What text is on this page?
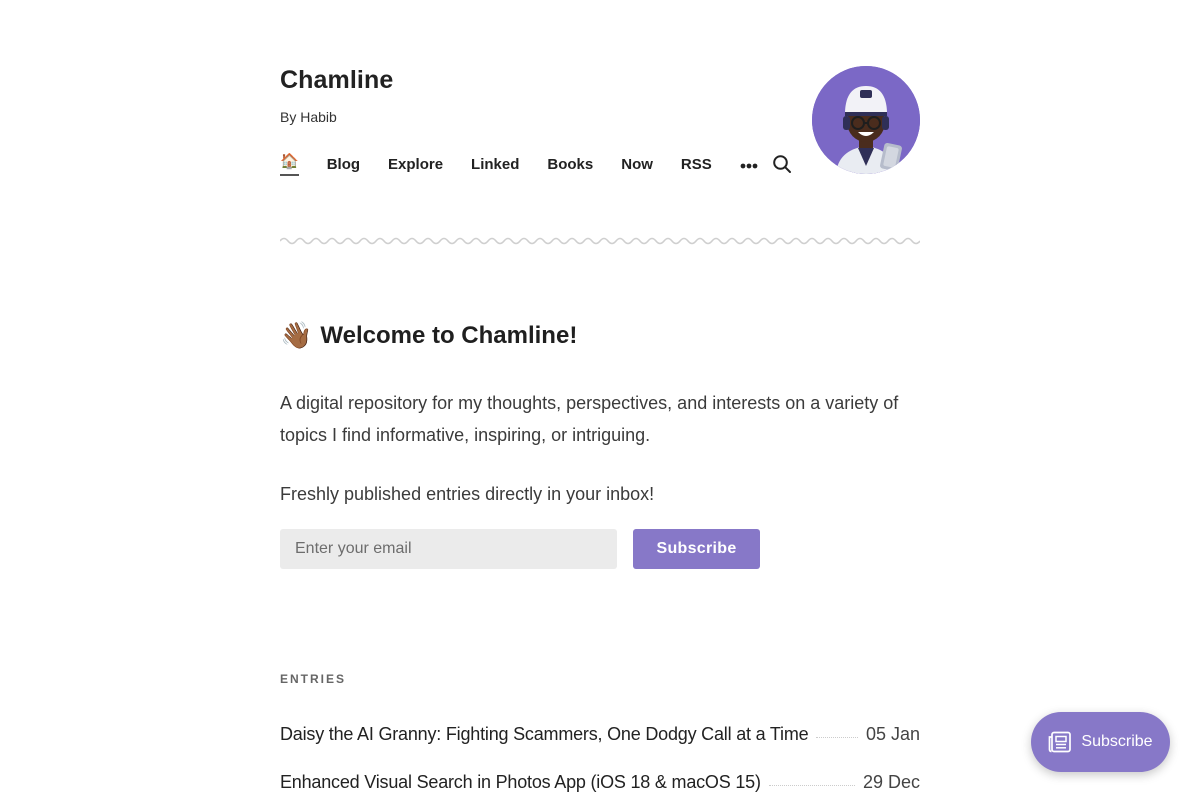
Chamline
By Habib
🏠 Blog Explore Linked Books Now RSS
👋🏾 Welcome to Chamline!

A digital repository for my thoughts, perspectives, and interests on a variety of topics I find informative, inspiring, or intriguing.

Freshly published entries directly in your inbox!

Enter your email
Subscribe
ENTRIES
Daisy the AI Granny: Fighting Scammers, One Dodgy Call at a Time	05 Jan
Enhanced Visual Search in Photos App (iOS 18 & macOS 15)	29 Dec
Subscribe
